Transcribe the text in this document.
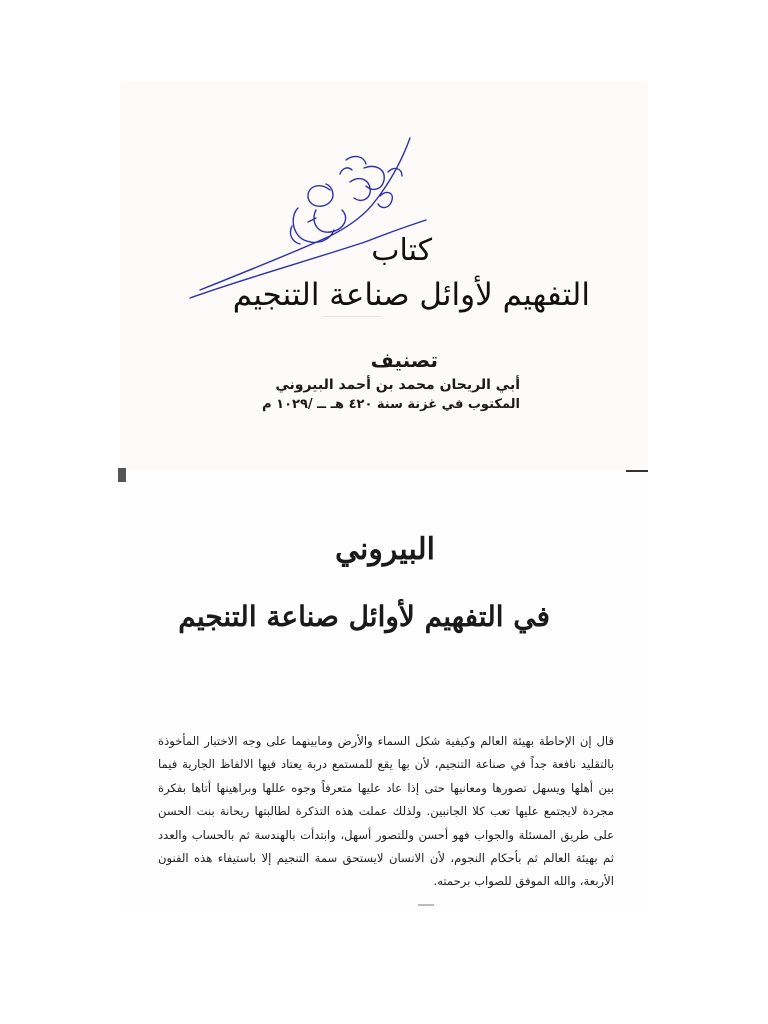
كتاب
التفهيم لأوائل صناعة التنجيم
تصنيف
أبي الريحان محمد بن أحمد البيروني
المكتوب في غزنة سنة ٤٢٠ هـ ــ /١٠٢٩ م
البيروني
في التفهيم لأوائل صناعة التنجيم

قال إن الإحاطة بهيئة العالم وكيفية شكل السماء والأرض ومابينهما على وجه الاختبار المأخوذة بالتقليد نافعة جداً في صناعة التنجيم، لأن بها يقع للمستمع دربة يعتاد فيها الالفاظ الجارية فيما بين أهلها ويسهل تصورها ومعانيها حتى إذا عاد عليها متعرفاً وجوه عللها وبراهينها أتاها بفكرة مجردة لايجتمع عليها تعب كلا الجانبين. ولذلك عملت هذه التذكرة لطالبتها ريحانة بنت الحسن على طريق المسئلة والجواب فهو أحسن وللتصور أسهل، وابتدأت بالهندسة ثم بالحساب والعدد ثم بهيئة العالم ثم بأحكام النجوم، لأن الانسان لايستحق سمة التنجيم إلا باستيفاء هذه الفنون الأربعة، والله الموفق للصواب برحمته.
